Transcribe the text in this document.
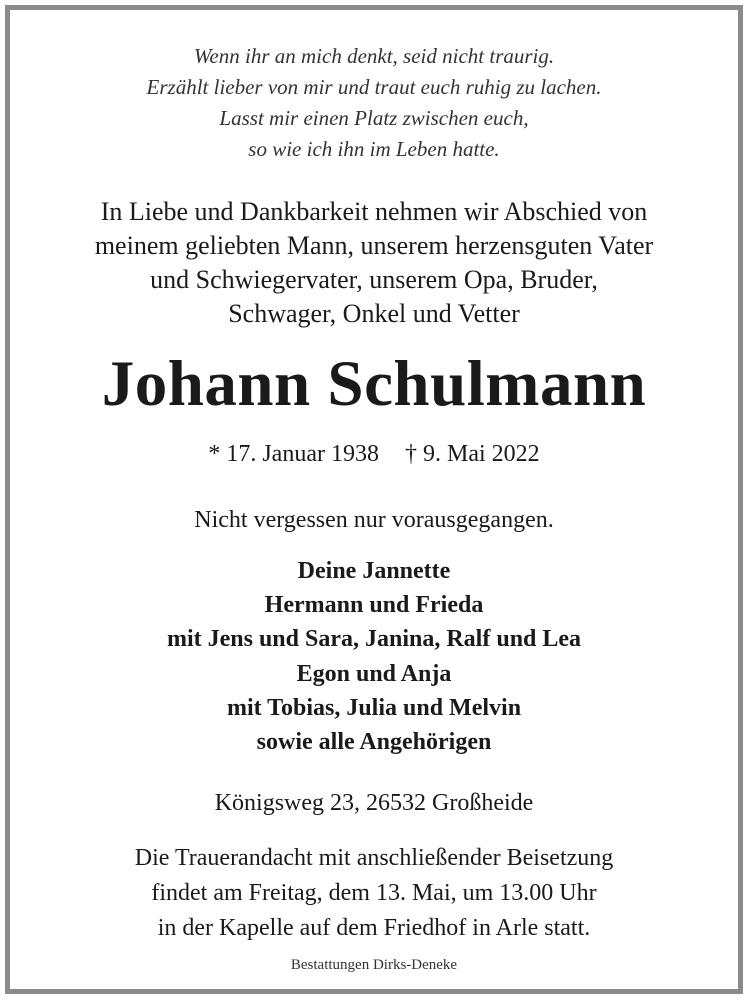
Wenn ihr an mich denkt, seid nicht traurig.
Erzählt lieber von mir und traut euch ruhig zu lachen.
Lasst mir einen Platz zwischen euch,
so wie ich ihn im Leben hatte.
In Liebe und Dankbarkeit nehmen wir Abschied von
meinem geliebten Mann, unserem herzensguten Vater
und Schwiegervater, unserem Opa, Bruder,
Schwager, Onkel und Vetter
Johann Schulmann
* 17. Januar 1938 † 9. Mai 2022
Nicht vergessen nur vorausgegangen.
Deine Jannette
Hermann und Frieda
mit Jens und Sara, Janina, Ralf und Lea
Egon und Anja
mit Tobias, Julia und Melvin
sowie alle Angehörigen
Königsweg 23, 26532 Großheide
Die Trauerandacht mit anschließender Beisetzung
findet am Freitag, dem 13. Mai, um 13.00 Uhr
in der Kapelle auf dem Friedhof in Arle statt.
Bestattungen Dirks-Deneke
